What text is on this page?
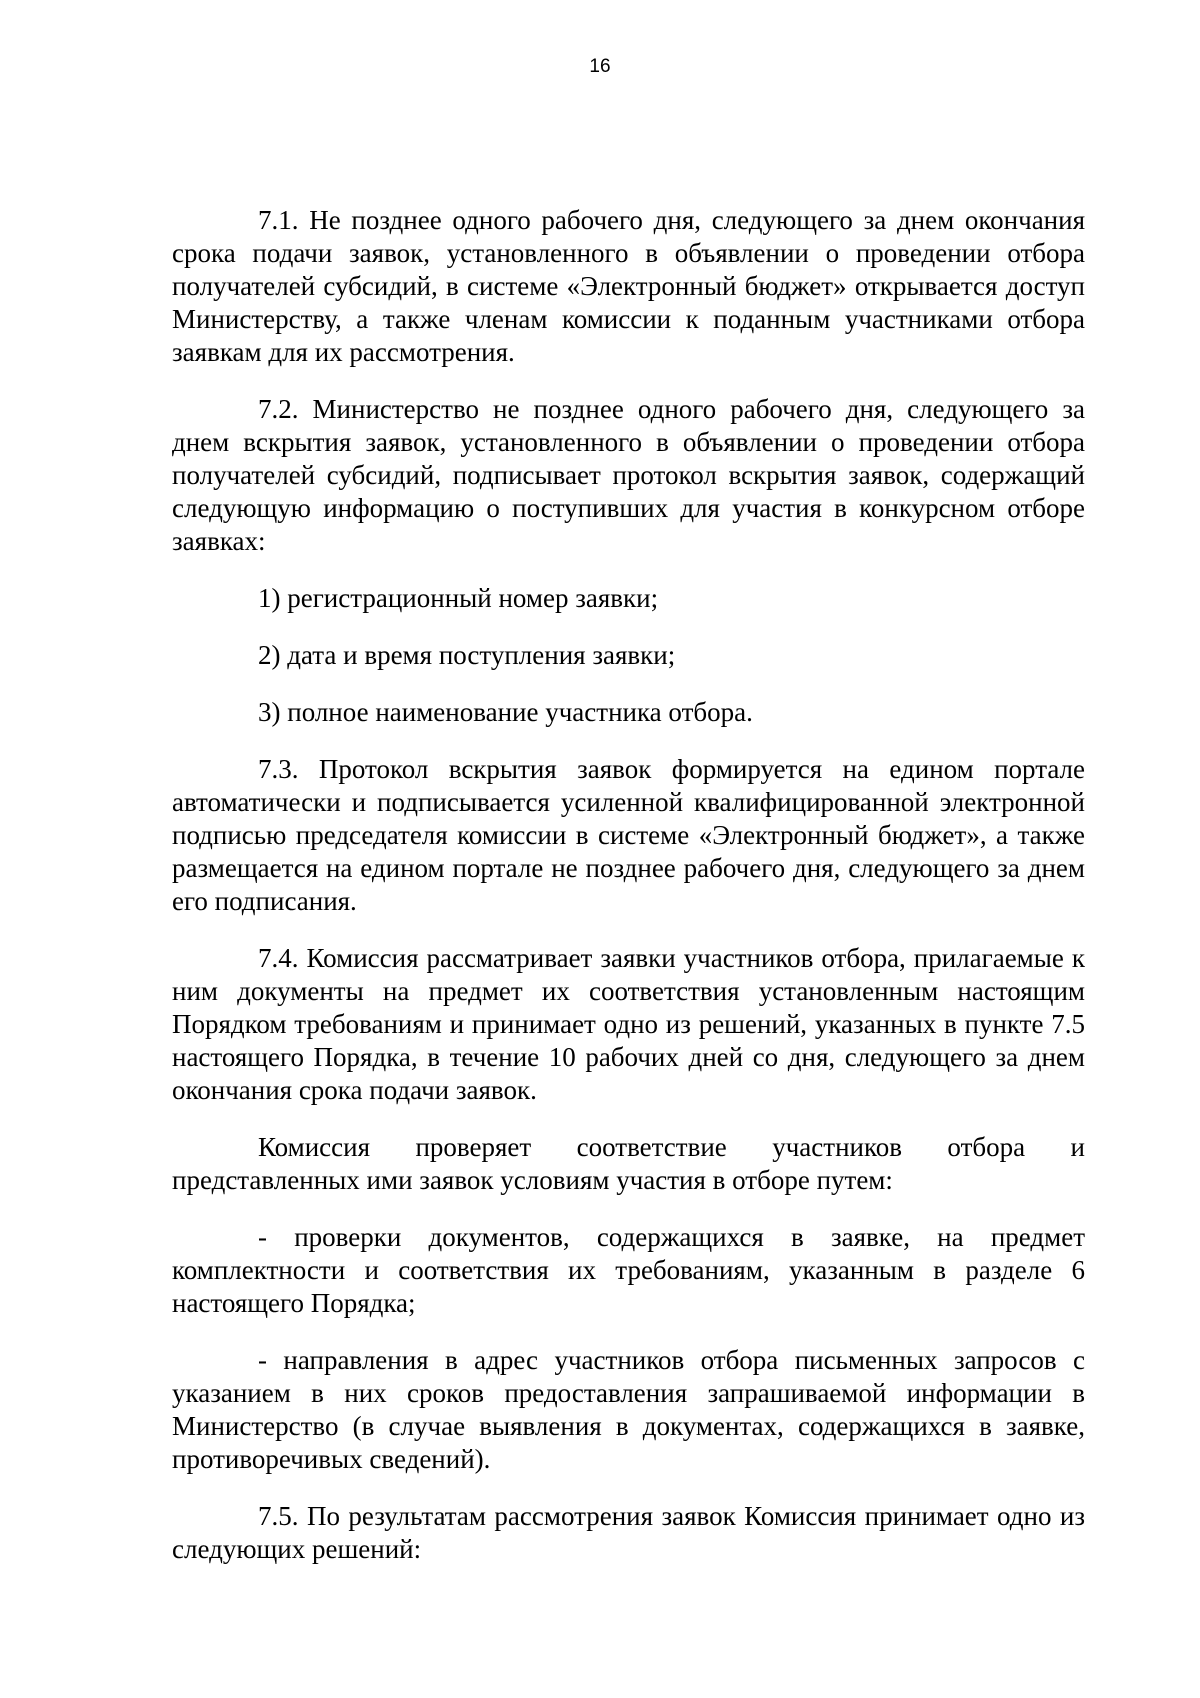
16

7.1. Не позднее одного рабочего дня, следующего за днем окончания срока подачи заявок, установленного в объявлении о проведении отбора получателей субсидий, в системе «Электронный бюджет» открывается доступ Министерству, а также членам комиссии к поданным участниками отбора заявкам для их рассмотрения.

7.2. Министерство не позднее одного рабочего дня, следующего за днем вскрытия заявок, установленного в объявлении о проведении отбора получателей субсидий, подписывает протокол вскрытия заявок, содержащий следующую информацию о поступивших для участия в конкурсном отборе заявках:

1) регистрационный номер заявки;

2) дата и время поступления заявки;

3) полное наименование участника отбора.

7.3. Протокол вскрытия заявок формируется на едином портале автоматически и подписывается усиленной квалифицированной электронной подписью председателя комиссии в системе «Электронный бюджет», а также размещается на едином портале не позднее рабочего дня, следующего за днем его подписания.

7.4. Комиссия рассматривает заявки участников отбора, прилагаемые к ним документы на предмет их соответствия установленным настоящим Порядком требованиям и принимает одно из решений, указанных в пункте 7.5 настоящего Порядка, в течение 10 рабочих дней со дня, следующего за днем окончания срока подачи заявок.

Комиссия проверяет соответствие участников отбора и представленных ими заявок условиям участия в отборе путем:

- проверки документов, содержащихся в заявке, на предмет комплектности и соответствия их требованиям, указанным в разделе 6 настоящего Порядка;

- направления в адрес участников отбора письменных запросов с указанием в них сроков предоставления запрашиваемой информации в Министерство (в случае выявления в документах, содержащихся в заявке, противоречивых сведений).

7.5. По результатам рассмотрения заявок Комиссия принимает одно из следующих решений:
